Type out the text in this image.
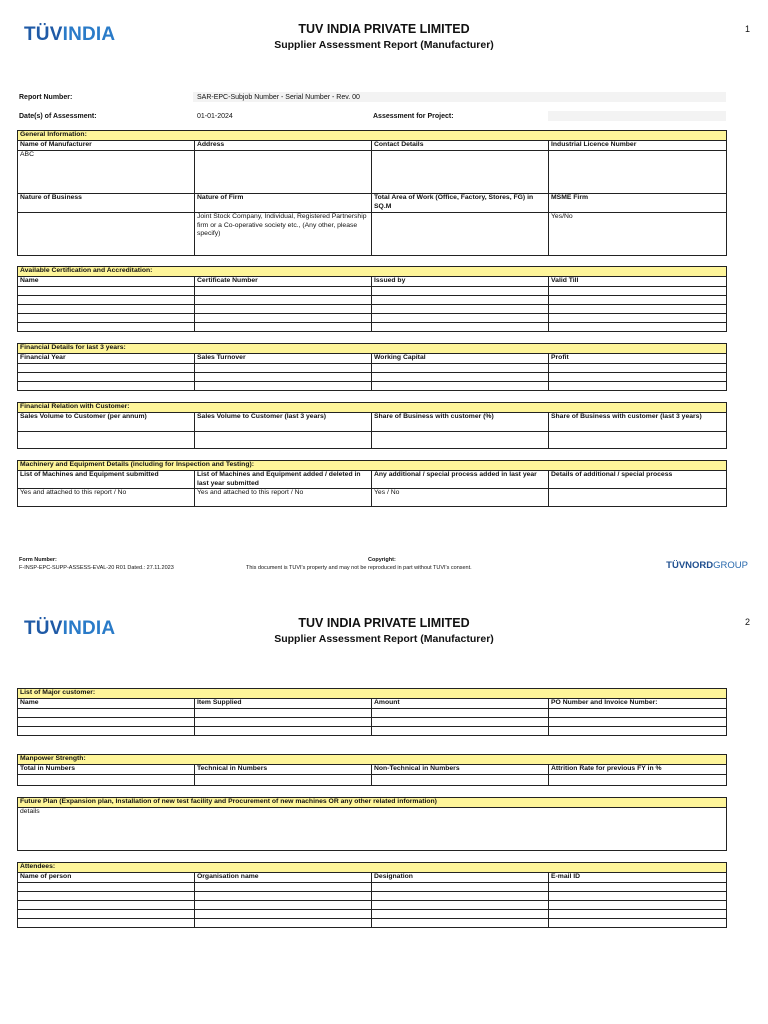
TÜVINDIA	1
TUV INDIA PRIVATE LIMITED
Supplier Assessment Report (Manufacturer)
Report Number:	SAR-EPC-Subjob Number - Serial Number - Rev. 00
Date(s) of Assessment:	01-01-2024	Assessment for Project:
General Information:			
Name of Manufacturer	Address	Contact Details	Industrial Licence Number
ABC			
Nature of Business	Nature of Firm	Total Area of Work (Office, Factory, Stores, FG) in SQ.M	MSME Firm
	Joint Stock Company, Individual, Registered Partnership firm or a Co-operative society etc., (Any other, please specify)		Yes/No
Available Certification and Accreditation:			
Name	Certificate Number	Issued by	Valid Till

Financial Details for last 3 years:			
Financial Year	Sales Turnover	Working Capital	Profit

Financial Relation with Customer:			
Sales Volume to Customer (per annum)	Sales Volume to Customer (last 3 years)	Share of Business with customer (%)	Share of Business with customer (last 3 years)

Machinery and Equipment Details (including for Inspection and Testing):			
List of Machines and Equipment submitted	List of Machines and Equipment added / deleted in last year submitted	Any additional / special process added in last year	Details of additional / special process
Yes and attached to this report / No	Yes and attached to this report / No	Yes / No	
Form Number:
F-INSP-EPC-SUPP-ASSESS-EVAL-20 R01 Dated.: 27.11.2023
Copyright:
This document is TUVI's property and may not be reproduced in part without TUVI's consent.	TÜVNORDGROUP
TÜVINDIA	2
TUV INDIA PRIVATE LIMITED
Supplier Assessment Report (Manufacturer)
List of Major customer:			
Name	Item Supplied	Amount	PO Number and Invoice Number:

Manpower Strength:			
Total in Numbers	Technical in Numbers	Non-Technical in Numbers	Attrition Rate for previous FY in %

Future Plan (Expansion plan, Installation of new test facility and Procurement of new machines OR any other related information)
details
Attendees:			
Name of person	Organisation name	Designation	E-mail ID
